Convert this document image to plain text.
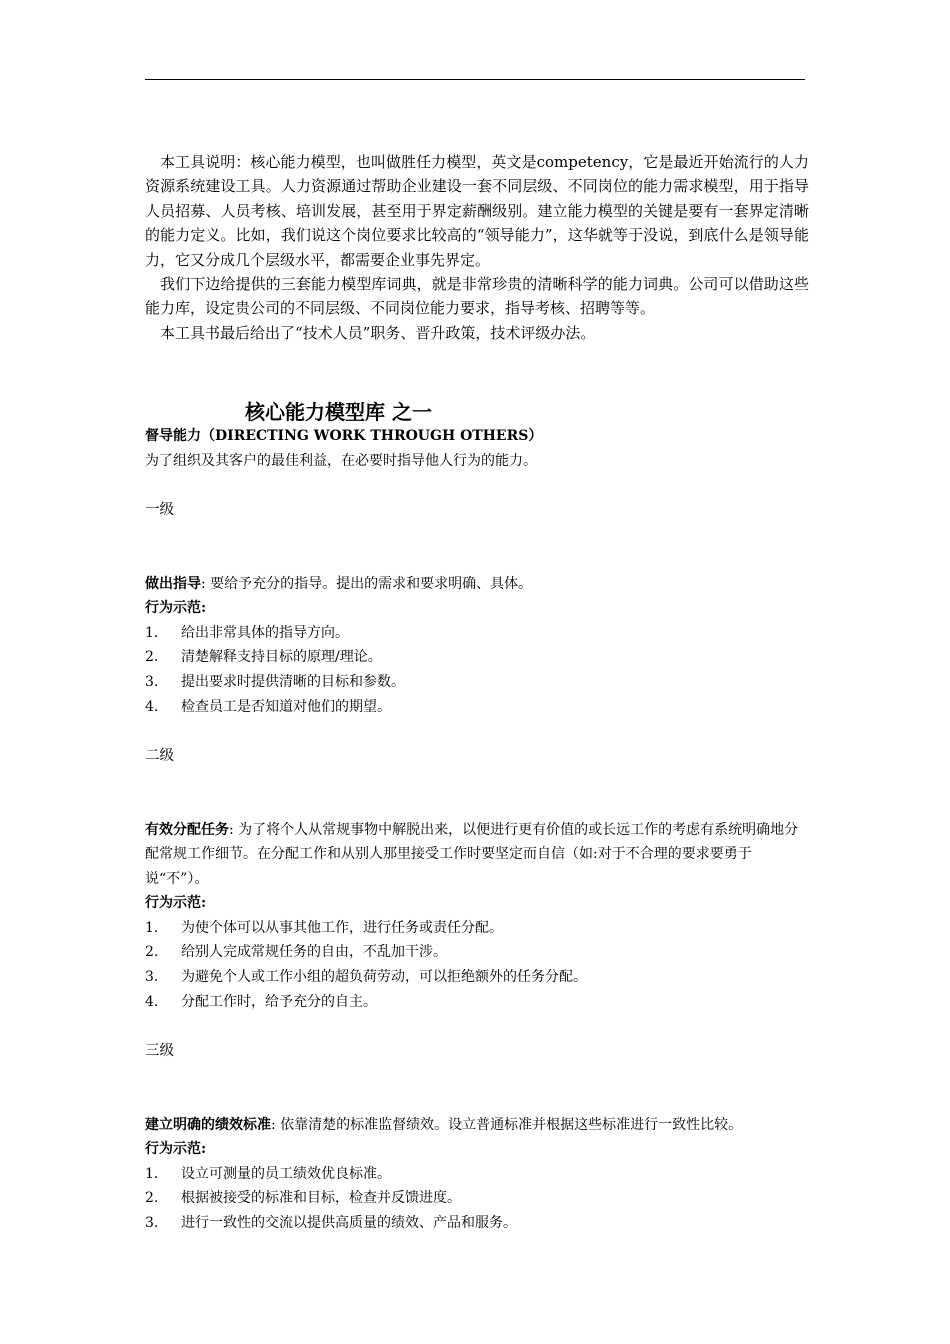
本工具说明：核心能力模型，也叫做胜任力模型，英文是competency，它是最近开始流行的人力资源系统建设工具。人力资源通过帮助企业建设一套不同层级、不同岗位的能力需求模型，用于指导人员招募、人员考核、培训发展，甚至用于界定薪酬级别。建立能力模型的关键是要有一套界定清晰的能力定义。比如，我们说这个岗位要求比较高的“领导能力”，这华就等于没说，到底什么是领导能力，它又分成几个层级水平，都需要企业事先界定。

我们下边给提供的三套能力模型库词典，就是非常珍贵的清晰科学的能力词典。公司可以借助这些能力库，设定贵公司的不同层级、不同岗位能力要求，指导考核、招聘等等。

本工具书最后给出了“技术人员”职务、晋升政策，技术评级办法。

核心能力模型库 之一

督导能力（DIRECTING WORK THROUGH OTHERS）

为了组织及其客户的最佳利益，在必要时指导他人行为的能力。

一级

做出指导: 要给予充分的指导。提出的需求和要求明确、具体。

行为示范:

1.	给出非常具体的指导方向。
2.	清楚解释支持目标的原理/理论。
3.	提出要求时提供清晰的目标和参数。
4.	检查员工是否知道对他们的期望。

二级

有效分配任务: 为了将个人从常规事物中解脱出来，以便进行更有价值的或长远工作的考虑有系统明确地分配常规工作细节。在分配工作和从别人那里接受工作时要坚定而自信（如:对于不合理的要求要勇于说“不”）。

行为示范:

1.	为使个体可以从事其他工作，进行任务或责任分配。
2.	给别人完成常规任务的自由，不乱加干涉。
3.	为避免个人或工作小组的超负荷劳动，可以拒绝额外的任务分配。
4.	分配工作时，给予充分的自主。

三级

建立明确的绩效标准: 依靠清楚的标准监督绩效。设立普通标准并根据这些标准进行一致性比较。

行为示范:

1.	设立可测量的员工绩效优良标准。
2.	根据被接受的标准和目标，检查并反馈进度。
3.	进行一致性的交流以提供高质量的绩效、产品和服务。
